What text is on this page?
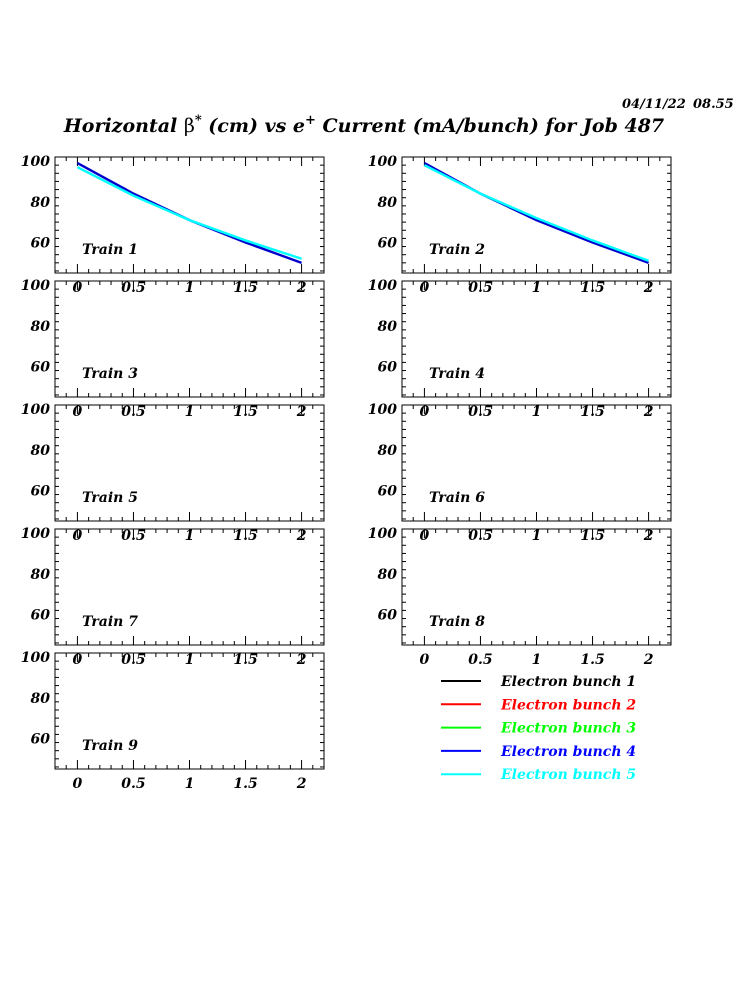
04/11/22 08.55
Horizontal β* (cm) vs e+ Current (mA/bunch) for Job 487
60
80
100
0	0.5	1	1.5	2
Train 1	60
80
100
0	0.5	1	1.5	2
Train 2
60
80
100
0	0.5	1	1.5	2
Train 3	60
80
100
0	0.5	1	1.5	2
Train 4
60
80
100
0	0.5	1	1.5	2
Train 5	60
80
100
0	0.5	1	1.5	2
Train 6
60
80
100
0	0.5	1	1.5	2
Train 7	60
80
100
0	0.5	1	1.5	2
Train 8
60
80
100
0	0.5	1	1.5	2
Train 9
Electron bunch 1
Electron bunch 2
Electron bunch 3
Electron bunch 4
Electron bunch 5
